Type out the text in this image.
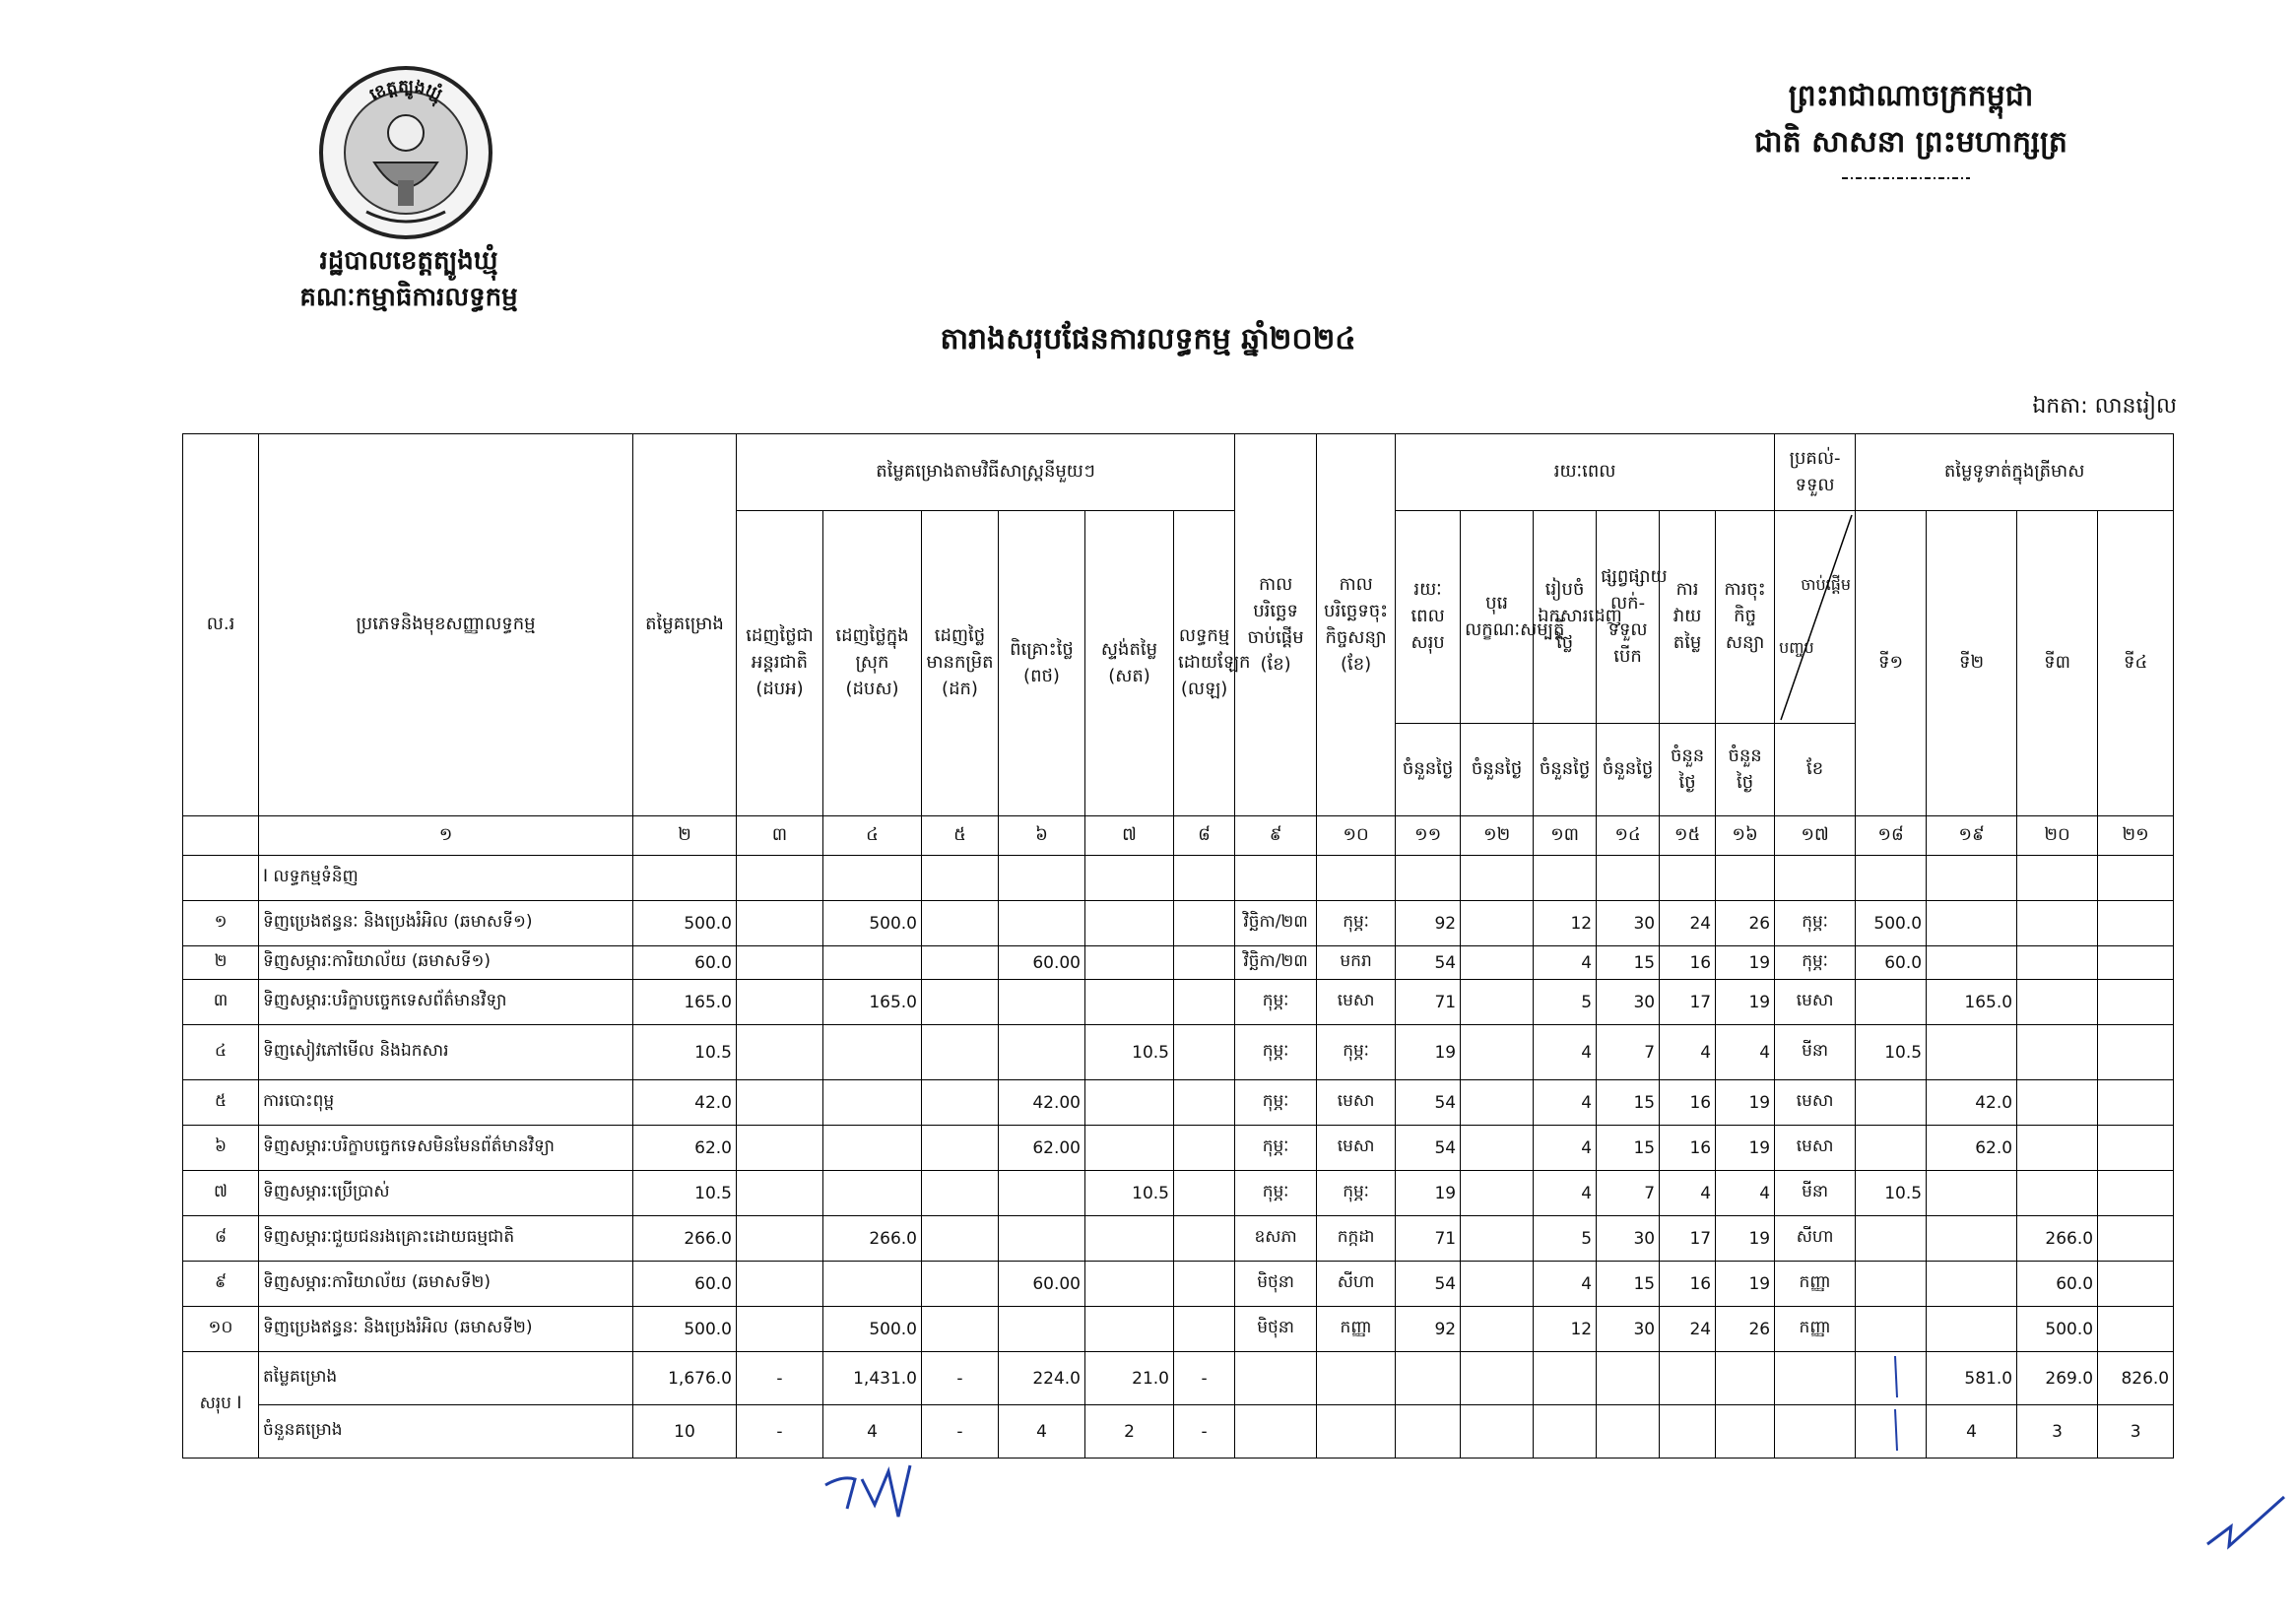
ខេត្តត្បូងឃ្មុំ
រដ្ឋបាលខេត្តត្បូងឃ្មុំ
គណៈកម្មាធិការលទ្ធកម្ម
ព្រះរាជាណាចក្រកម្ពុជា
ជាតិ សាសនា ព្រះមហាក្សត្រ
តារាងសរុបផែនការលទ្ធកម្ម ឆ្នាំ២០២៤
ឯកតា: លានរៀល
ល.រ	ប្រភេទនិងមុខសញ្ញាលទ្ធកម្ម	តម្លៃគម្រោង	តម្លៃគម្រោងតាមវិធីសាស្ត្រនីមួយៗ						កាលបរិច្ឆេទចាប់ផ្តើម (ខែ)	កាលបរិច្ឆេទចុះកិច្ចសន្យា (ខែ)	រយៈពេល						ប្រគល់-ទទួល	តម្លៃទូទាត់ក្នុងត្រីមាស				
			ដេញថ្លៃជាអន្តរជាតិ (ដបអ)	ដេញថ្លៃក្នុងស្រុក (ដបស)	ដេញថ្លៃមានកម្រិត (ដក)	ពិគ្រោះថ្លៃ (ពថ)	ស្ទង់តម្លៃ (សត)	លទ្ធកម្មដោយឡែក (លឡ)			រយៈពេលសរុប	បុរេលក្ខណៈសម្បត្តិ	រៀបចំឯកសារដេញថ្លៃ	ផ្សព្វផ្សាយ លក់-ទទួល បើក	ការវាយតម្លៃ	ការចុះកិច្ចសន្យា	ចាប់ផ្តើម
បញ្ចប់	ទី១	ទី២	ទី៣	ទី៤	
											ចំនួនថ្ងៃ	ចំនួនថ្ងៃ	ចំនួនថ្ងៃ	ចំនួនថ្ងៃ	ចំនួនថ្ងៃ	ចំនួនថ្ងៃ	ខែ					
	១	២	៣	៤	៥	៦	៧	៨	៩	១០	១១	១២	១៣	១៤	១៥	១៦	១៧	១៨	១៩	២០	២១	
	I លទ្ធកម្មទំនិញ																					
១	ទិញប្រេងឥន្ធនៈ និងប្រេងរំអិល (ឆមាសទី១)	500.0		500.0					វិច្ឆិកា/២៣	កុម្ភៈ	92		12	30	24	26	កុម្ភៈ	500.0				
២	ទិញសម្ភារៈការិយាល័យ (ឆមាសទី១)	60.0				60.00			វិច្ឆិកា/២៣	មករា	54		4	15	16	19	កុម្ភៈ	60.0				
៣	ទិញសម្ភារៈបរិក្ខាបច្ចេកទេសព័ត៌មានវិទ្យា	165.0		165.0					កុម្ភៈ	មេសា	71		5	30	17	19	មេសា		165.0			
៤	ទិញសៀវភៅមើល និងឯកសារ	10.5					10.5		កុម្ភៈ	កុម្ភៈ	19		4	7	4	4	មីនា	10.5				
៥	ការបោះពុម្ព	42.0				42.00			កុម្ភៈ	មេសា	54		4	15	16	19	មេសា		42.0			
៦	ទិញសម្ភារៈបរិក្ខាបច្ចេកទេសមិនមែនព័ត៌មានវិទ្យា	62.0				62.00			កុម្ភៈ	មេសា	54		4	15	16	19	មេសា		62.0			
៧	ទិញសម្ភារៈប្រើប្រាស់	10.5					10.5		កុម្ភៈ	កុម្ភៈ	19		4	7	4	4	មីនា	10.5				
៨	ទិញសម្ភារៈជួយជនរងគ្រោះដោយធម្មជាតិ	266.0		266.0					ឧសភា	កក្កដា	71		5	30	17	19	សីហា			266.0		
៩	ទិញសម្ភារៈការិយាល័យ (ឆមាសទី២)	60.0				60.00			មិថុនា	សីហា	54		4	15	16	19	កញ្ញា			60.0		
១០	ទិញប្រេងឥន្ធនៈ និងប្រេងរំអិល (ឆមាសទី២)	500.0		500.0					មិថុនា	កញ្ញា	92		12	30	24	26	កញ្ញា			500.0		
សរុប I	តម្លៃគម្រោង	1,676.0	-	1,431.0	-	224.0	21.0	-											581.0	269.0	826.0	
	ចំនួនគម្រោង	10	-	4	-	4	2	-											4	3	3	
